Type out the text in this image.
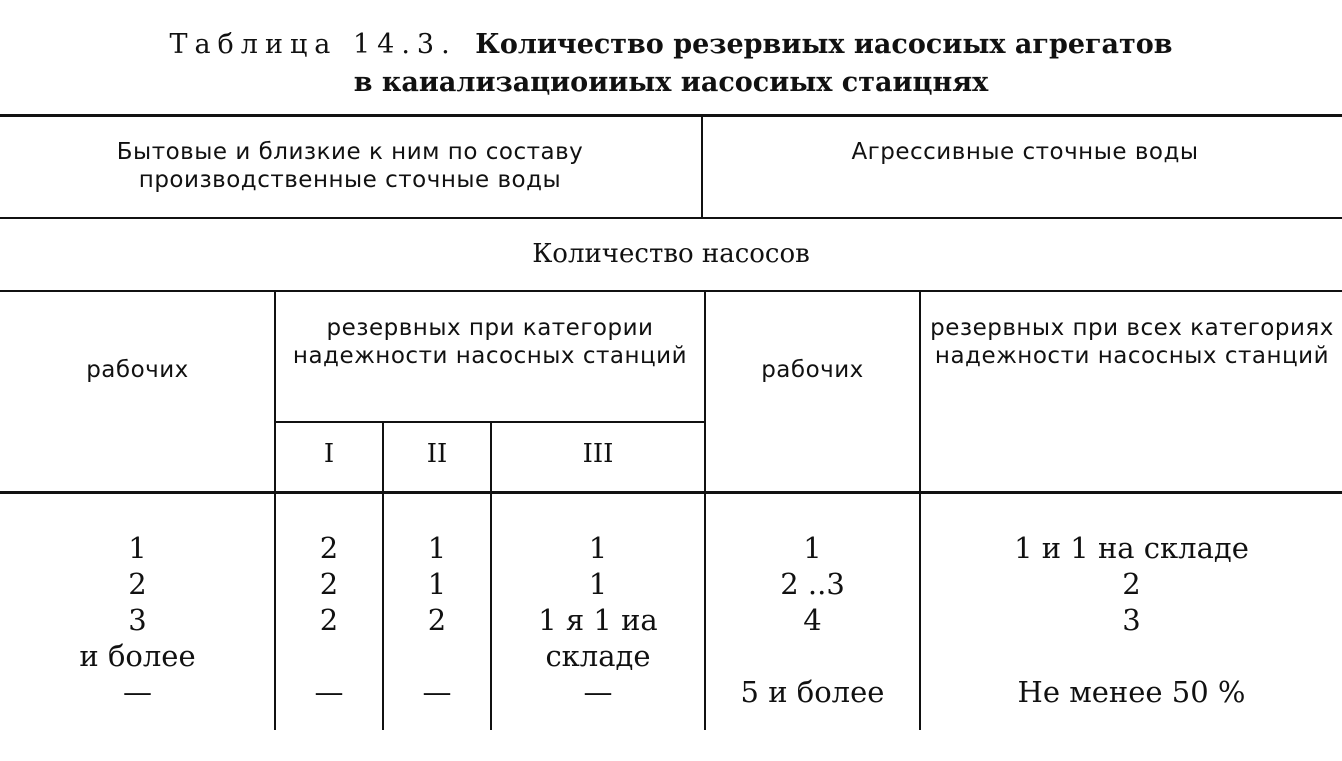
Таблица 14.3. Количество резервиых иасосиых агрегатов
в каиализациоииых иасосиых стаицнях
Бытовые и близкие к ним по составу производственные сточные воды
Агрессивные сточные воды
Количество насосов
рабочих
резервных при категории надежности насосных станций
рабочих
резервных при всех категориях надежности насосных станций
I	II	III
1
2
3
и более
—
2
2
2

—
1
1
2

—
1
1
1 я 1 иа
складе
—
1
2 ..3
4

5 и более
1 и 1 на складе
2
3

Не менее 50 %
